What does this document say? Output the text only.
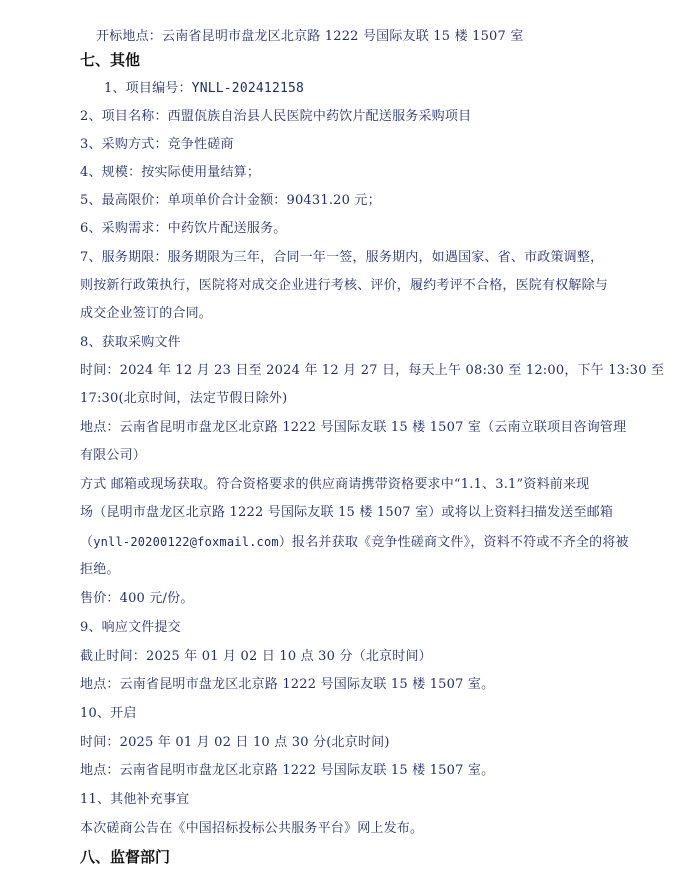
开标地点：云南省昆明市盘龙区北京路 1222 号国际友联 15 楼 1507 室
七、其他
1、项目编号：YNLL-202412158
2、项目名称：西盟佤族自治县人民医院中药饮片配送服务采购项目
3、采购方式：竞争性磋商
4、规模：按实际使用量结算；
5、最高限价：单项单价合计金额：90431.20 元；
6、采购需求：中药饮片配送服务。
7、服务期限：服务期限为三年，合同一年一签，服务期内，如遇国家、省、市政策调整，
则按新行政策执行，医院将对成交企业进行考核、评价，履约考评不合格，医院有权解除与
成交企业签订的合同。
8、获取采购文件
时间：2024 年 12 月 23 日至 2024 年 12 月 27 日，每天上午 08:30 至 12:00，下午 13:30 至
17:30(北京时间，法定节假日除外)
地点：云南省昆明市盘龙区北京路 1222 号国际友联 15 楼 1507 室（云南立联项目咨询管理
有限公司）
方式 邮箱或现场获取。符合资格要求的供应商请携带资格要求中“1.1、3.1”资料前来现
场（昆明市盘龙区北京路 1222 号国际友联 15 楼 1507 室）或将以上资料扫描发送至邮箱
（ynll-20200122@foxmail.com）报名并获取《竞争性磋商文件》，资料不符或不齐全的将被
拒绝。
售价：400 元/份。
9、响应文件提交
截止时间：2025 年 01 月 02 日 10 点 30 分（北京时间）
地点：云南省昆明市盘龙区北京路 1222 号国际友联 15 楼 1507 室。
10、开启
时间：2025 年 01 月 02 日 10 点 30 分(北京时间)
地点：云南省昆明市盘龙区北京路 1222 号国际友联 15 楼 1507 室。
11、其他补充事宜
本次磋商公告在《中国招标投标公共服务平台》网上发布。
八、监督部门
